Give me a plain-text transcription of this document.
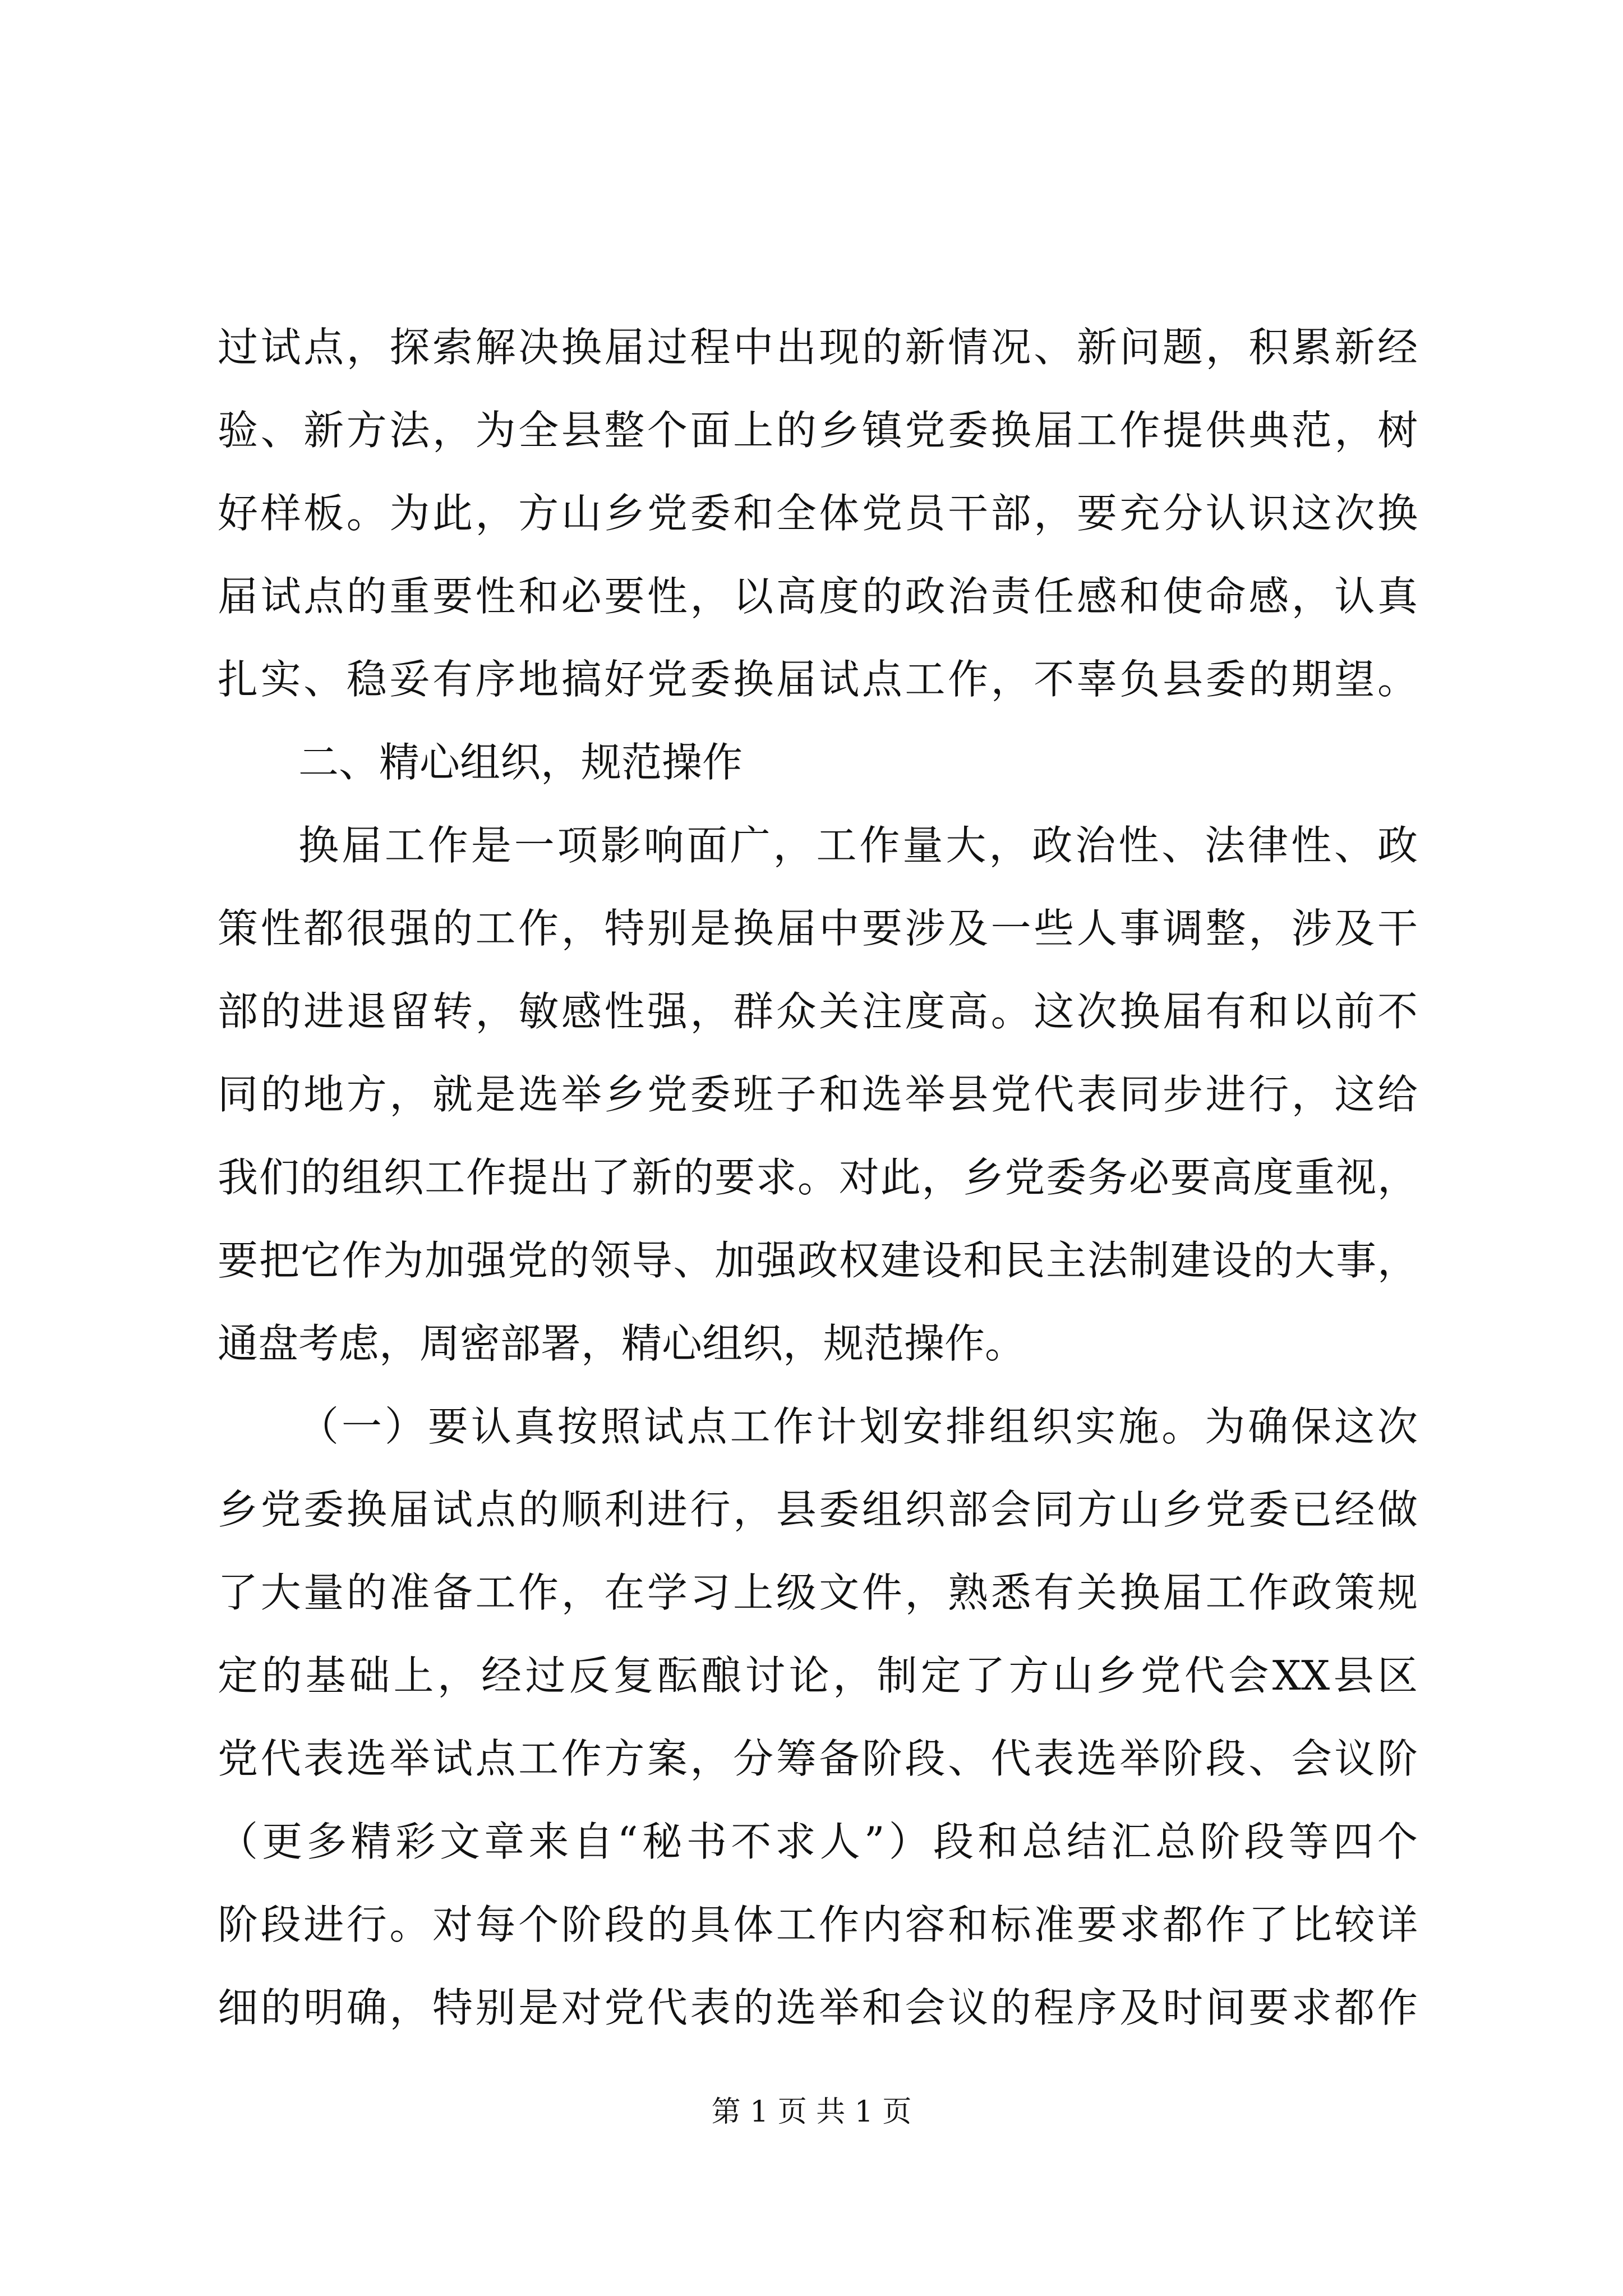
过试点，探索解决换届过程中出现的新情况、新问题，积累新经
验、新方法，为全县整个面上的乡镇党委换届工作提供典范，树
好样板。为此，方山乡党委和全体党员干部，要充分认识这次换
届试点的重要性和必要性，以高度的政治责任感和使命感，认真
扎实、稳妥有序地搞好党委换届试点工作，不辜负县委的期望。
二、精心组织，规范操作
换届工作是一项影响面广，工作量大，政治性、法律性、政
策性都很强的工作，特别是换届中要涉及一些人事调整，涉及干
部的进退留转，敏感性强，群众关注度高。这次换届有和以前不
同的地方，就是选举乡党委班子和选举县党代表同步进行，这给
我们的组织工作提出了新的要求。对此，乡党委务必要高度重视，
要把它作为加强党的领导、加强政权建设和民主法制建设的大事，
通盘考虑，周密部署，精心组织，规范操作。
（一）要认真按照试点工作计划安排组织实施。为确保这次
乡党委换届试点的顺利进行，县委组织部会同方山乡党委已经做
了大量的准备工作，在学习上级文件，熟悉有关换届工作政策规
定的基础上，经过反复酝酿讨论，制定了方山乡党代会XX县区
党代表选举试点工作方案，分筹备阶段、代表选举阶段、会议阶
（更多精彩文章来自“秘书不求人”）段和总结汇总阶段等四个
阶段进行。对每个阶段的具体工作内容和标准要求都作了比较详
细的明确，特别是对党代表的选举和会议的程序及时间要求都作
第 1 页 共 1 页
